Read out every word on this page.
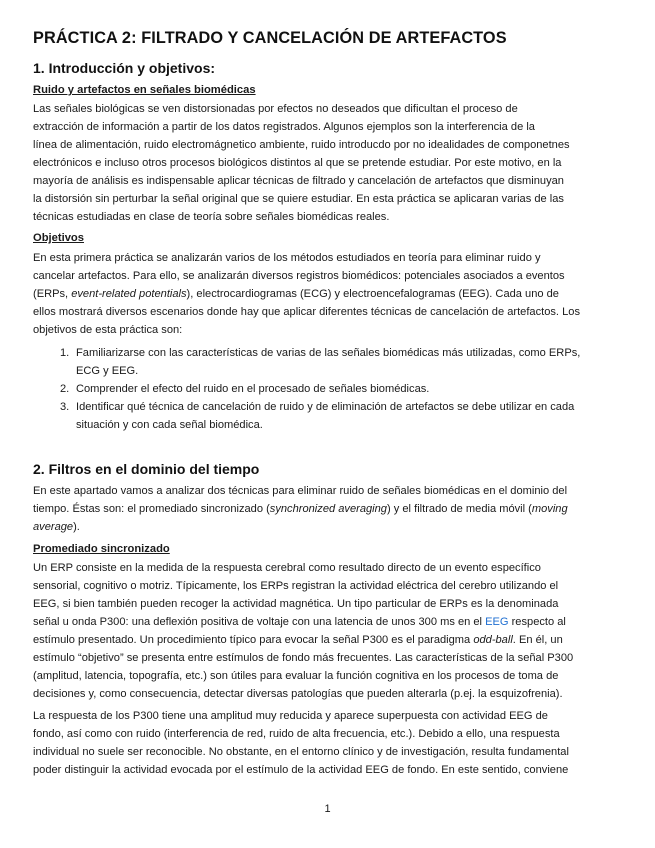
PRÁCTICA 2: FILTRADO Y CANCELACIÓN DE ARTEFACTOS
1. Introducción y objetivos:
Ruido y artefactos en señales biomédicas
Las señales biológicas se ven distorsionadas por efectos no deseados que dificultan el proceso de
extracción de información a partir de los datos registrados. Algunos ejemplos son la interferencia de la
línea de alimentación, ruido electromágnetico ambiente, ruido introducdo por no idealidades de componetnes
electrónicos e incluso otros procesos biológicos distintos al que se pretende estudiar. Por este motivo, en la
mayoría de análisis es indispensable aplicar técnicas de filtrado y cancelación de artefactos que disminuyan
la distorsión sin perturbar la señal original que se quiere estudiar. En esta práctica se aplicaran varias de las
técnicas estudiadas en clase de teoría sobre señales biomédicas reales.
Objetivos
En esta primera práctica se analizarán varios de los métodos estudiados en teoría para eliminar ruido y
cancelar artefactos. Para ello, se analizarán diversos registros biomédicos: potenciales asociados a eventos
(ERPs, event-related potentials), electrocardiogramas (ECG) y electroencefalogramas (EEG). Cada uno de
ellos mostrará diversos escenarios donde hay que aplicar diferentes técnicas de cancelación de artefactos. Los
objetivos de esta práctica son:
1. Familiarizarse con las características de varias de las señales biomédicas más utilizadas, como ERPs,
ECG y EEG.
2. Comprender el efecto del ruido en el procesado de señales biomédicas.
3. Identificar qué técnica de cancelación de ruido y de eliminación de artefactos se debe utilizar en cada
situación y con cada señal biomédica.
2. Filtros en el dominio del tiempo
En este apartado vamos a analizar dos técnicas para eliminar ruido de señales biomédicas en el dominio del
tiempo. Éstas son: el promediado sincronizado (synchronized averaging) y el filtrado de media móvil (moving
average).
Promediado sincronizado
Un ERP consiste en la medida de la respuesta cerebral como resultado directo de un evento específico
sensorial, cognitivo o motriz. Típicamente, los ERPs registran la actividad eléctrica del cerebro utilizando el
EEG, si bien también pueden recoger la actividad magnética. Un tipo particular de ERPs es la denominada
señal u onda P300: una deflexión positiva de voltaje con una latencia de unos 300 ms en el EEG respecto al
estímulo presentado. Un procedimiento típico para evocar la señal P300 es el paradigma odd-ball. En él, un
estímulo “objetivo” se presenta entre estímulos de fondo más frecuentes. Las características de la señal P300
(amplitud, latencia, topografía, etc.) son útiles para evaluar la función cognitiva en los procesos de toma de
decisiones y, como consecuencia, detectar diversas patologías que pueden alterarla (p.ej. la esquizofrenia).
La respuesta de los P300 tiene una amplitud muy reducida y aparece superpuesta con actividad EEG de
fondo, así como con ruido (interferencia de red, ruido de alta frecuencia, etc.). Debido a ello, una respuesta
individual no suele ser reconocible. No obstante, en el entorno clínico y de investigación, resulta fundamental
poder distinguir la actividad evocada por el estímulo de la actividad EEG de fondo. En este sentido, conviene
1
